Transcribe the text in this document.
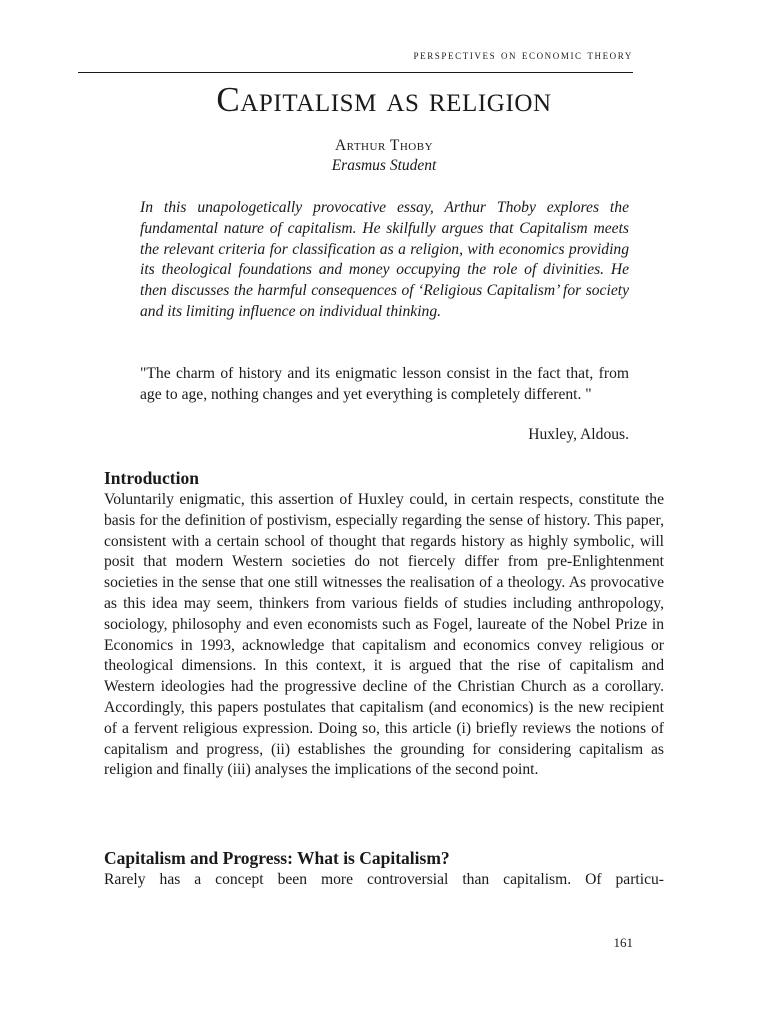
perspectives on economic theory
Capitalism as religion
Arthur Thoby
Erasmus Student

In this unapologetically provocative essay, Arthur Thoby explores the fundamental nature of capitalism. He skilfully argues that Capitalism meets the relevant criteria for classification as a religion, with economics providing its theological foundations and money occupying the role of divinities. He then discusses the harmful consequences of ‘Religious Capitalism’ for society and its limiting influence on individual thinking.

"The charm of history and its enigmatic lesson consist in the fact that, from age to age, nothing changes and yet everything is completely different. "

Huxley, Aldous.
Introduction

Voluntarily enigmatic, this assertion of Huxley could, in certain respects, constitute the basis for the definition of postivism, especially regarding the sense of history. This paper, consistent with a certain school of thought that regards history as highly symbolic, will posit that modern Western societies do not fiercely differ from pre-Enlightenment societies in the sense that one still witnesses the realisation of a theology. As provocative as this idea may seem, thinkers from various fields of studies including anthropology, sociology, philosophy and even economists such as Fogel, laureate of the Nobel Prize in Economics in 1993, acknowledge that capitalism and economics convey religious or theological dimensions. In this context, it is argued that the rise of capitalism and Western ideologies had the progressive decline of the Christian Church as a corollary. Accordingly, this papers postulates that capitalism (and economics) is the new recipient of a fervent religious expression. Doing so, this article (i) briefly reviews the notions of capitalism and progress, (ii) establishes the grounding for considering capitalism as religion and finally (iii) analyses the implications of the second point.

Capitalism and Progress: What is Capitalism?

Rarely has a concept been more controversial than capitalism. Of particu-

161
